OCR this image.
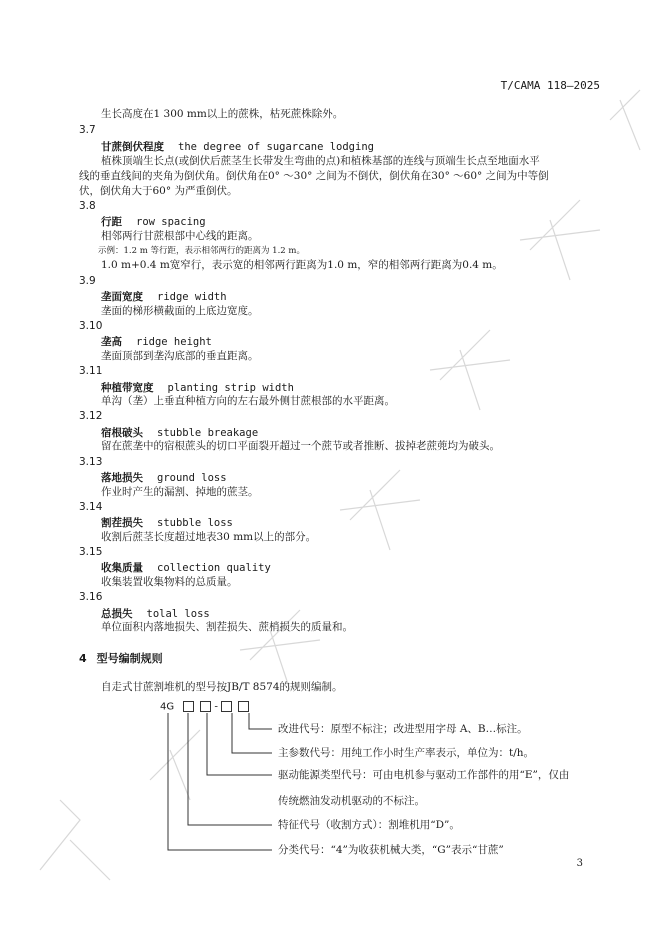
T/CAMA 118—2025
生长高度在1 300 mm以上的蔗株，枯死蔗株除外。
3.7
甘蔗倒伏程度 the degree of sugarcane lodging
植株顶端生长点(或倒伏后蔗茎生长带发生弯曲的点)和植株基部的连线与顶端生长点至地面水平
线的垂直线间的夹角为倒伏角。倒伏角在0° ～30° 之间为不倒伏，倒伏角在30° ～60° 之间为中等倒
伏，倒伏角大于60° 为严重倒伏。
3.8
行距 row spacing
相邻两行甘蔗根部中心线的距离。
示例：1.2 m 等行距，表示相邻两行的距离为 1.2 m。
1.0 m+0.4 m宽窄行，表示宽的相邻两行距离为1.0 m，窄的相邻两行距离为0.4 m。
3.9
垄面宽度 ridge width
垄面的梯形横截面的上底边宽度。
3.10
垄高 ridge height
垄面顶部到垄沟底部的垂直距离。
3.11
种植带宽度 planting strip width
单沟（垄）上垂直种植方向的左右最外侧甘蔗根部的水平距离。
3.12
宿根破头 stubble breakage
留在蔗垄中的宿根蔗头的切口平面裂开超过一个蔗节或者推断、拔掉老蔗蔸均为破头。
3.13
落地损失 ground loss
作业时产生的漏割、掉地的蔗茎。
3.14
割茬损失 stubble loss
收割后蔗茎长度超过地表30 mm以上的部分。
3.15
收集质量 collection quality
收集装置收集物料的总质量。
3.16
总损失 tolal loss
单位面积内落地损失、割茬损失、蔗梢损失的质量和。
4 型号编制规则
自走式甘蔗割堆机的型号按JB/T 8574的规则编制。
4G	-
改进代号：原型不标注；改进型用字母 A、B…标注。
主参数代号：用纯工作小时生产率表示，单位为：t/h。
驱动能源类型代号：可由电机参与驱动工作部件的用“E”，仅由
传统燃油发动机驱动的不标注。
特征代号（收割方式）：割堆机用“D”。
分类代号：“4”为收获机械大类，“G”表示“甘蔗”
3
